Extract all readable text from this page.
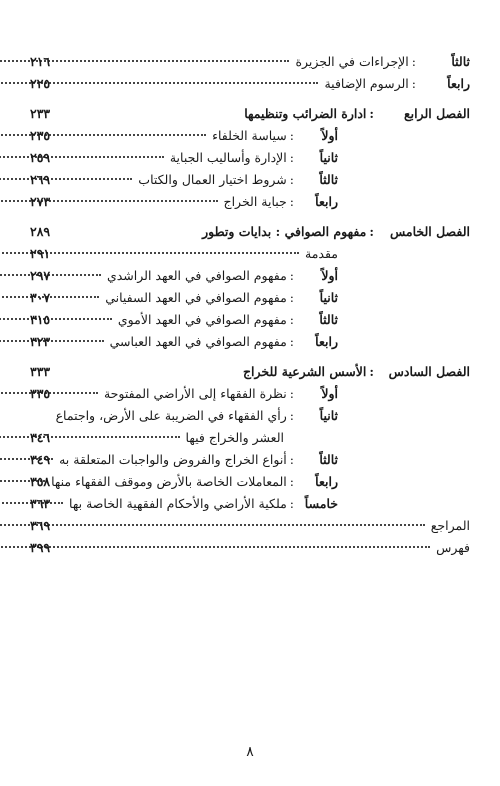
ثالثاً
:الإجراءات في الجزيرة
٢١٦
رابعاً
:الرسوم الإضافية
٢٢٥
الفصل الرابع
:ادارة الضرائب وتنظيمها
٢٣٣
أولاً
:سياسة الخلفاء
٢٣٥
ثانياً
:الإدارة وأساليب الجباية
٢٥٩
ثالثاً
:شروط اختيار العمال والكتاب
٢٦٩
رابعاً
:جباية الخراج
٢٧٣
الفصل الخامس
:مفهوم الصوافي : بدايات وتطور
٢٨٩
مقدمة
٢٩١
أولاً
:مفهوم الصوافي في العهد الراشدي
٢٩٧
ثانياً
:مفهوم الصوافي في العهد السفياني
٣٠٧
ثالثاً
:مفهوم الصوافي في العهد الأموي
٣١٥
رابعاً
:مفهوم الصوافي في العهد العباسي
٣٢٣
الفصل السادس
:الأسس الشرعية للخراج
٣٣٣
أولاً
:نظرة الفقهاء إلى الأراضي المفتوحة
٣٣٥
ثانياً
:رأي الفقهاء في الضريبة على الأرض، واجتماع
العشر والخراج فيها
٣٤٦
ثالثاً
:أنواع الخراج والفروض والواجبات المتعلقة به
٣٤٩
رابعاً
:المعاملات الخاصة بالأرض وموقف الفقهاء منها
٣٥٨
خامساً
:ملكية الأراضي والأحكام الفقهية الخاصة بها
٣٦٣
المراجع
٣٦٩
فهرس
٣٩٩
٨
